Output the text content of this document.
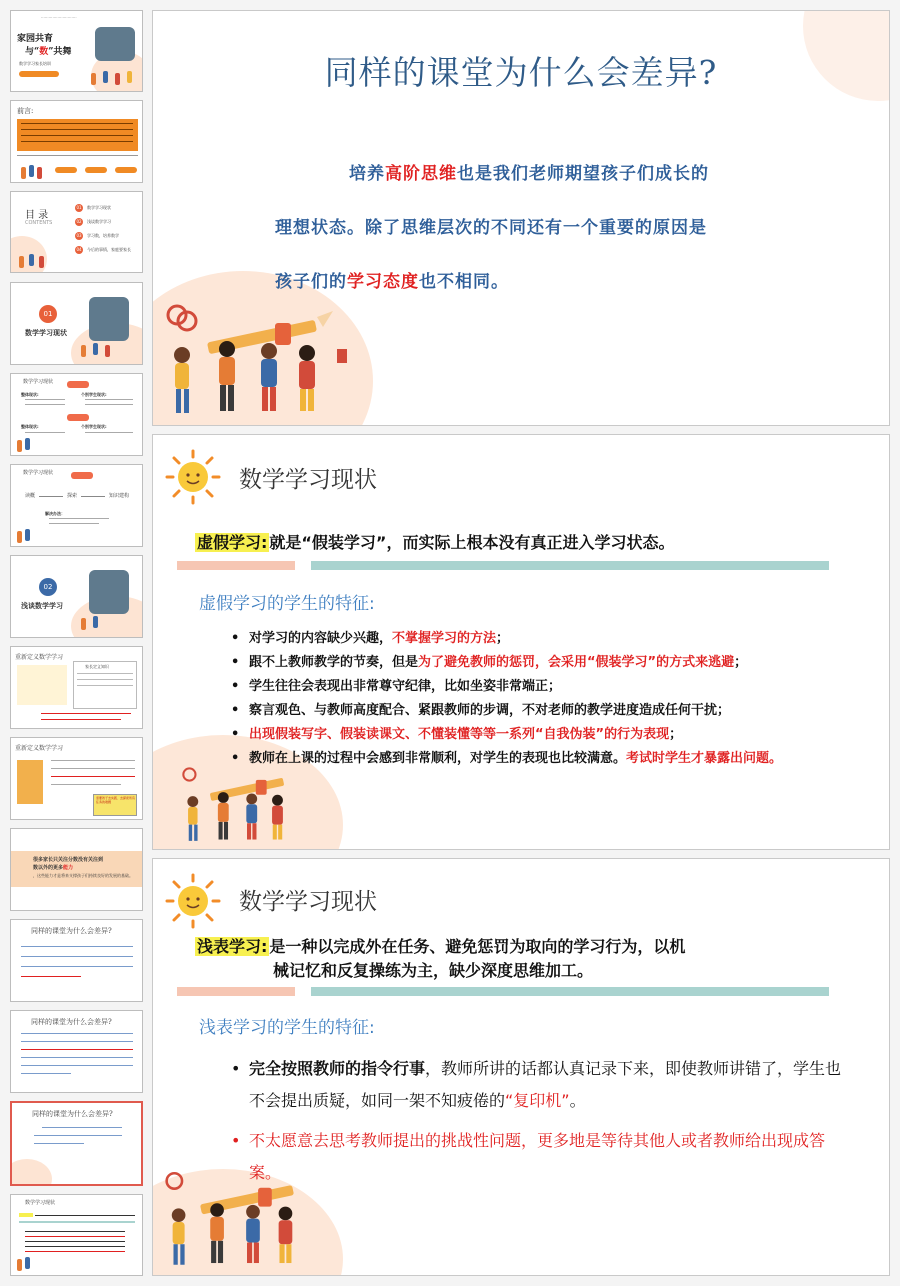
····························
家园共育
与“数”共舞
数学学习家长培训
家长课堂
前言:
目 录
CONTENTS
01	数学学习现状
02	浅谈数学学习
03	学习数，培养数学
04	今后的事情，家庭要家长
01
数学学习现状
数学学习现状
虚假现状
整体现状:	个别学生现状:
浅表现状
整体现状:	个别学生现状:
数学学习现状
折叠问题
读概	探索	知识建构
解决办法：
02
浅谈数学学习
重新定义数学学习
家长定义知识
重新定义数学学习
需要孩子去实践、去探索所有任务的难题
很多家长只关注分数没有关注到
数以外的更多能力
，这些能力才是将来支撑孩子们持续良好的发展的基础。
同样的课堂为什么会差异?
同样的课堂为什么会差异?
同样的课堂为什么会差异?
数学学习现状
同样的课堂为什么会差异?
培养高阶思维也是我们老师期望孩子们成长的
理想状态。除了思维层次的不同还有一个重要的原因是
孩子们的学习态度也不相同。
数学学习现状
虚假学习: 就是“假装学习”，而实际上根本没有真正进入学习状态。
虚假学习的学生的特征:
• 对学习的内容缺少兴趣，不掌握学习的方法；
• 跟不上教师教学的节奏，但是为了避免教师的惩罚，会采用“假装学习”的方式来逃避；
• 学生往往会表现出非常尊守纪律，比如坐姿非常端正；
• 察言观色、与教师高度配合、紧跟教师的步调，不对老师的教学进度造成任何干扰；
• 出现假装写字、假装读课文、不懂装懂等等一系列“自我伪装”的行为表现；
• 教师在上课的过程中会感到非常顺利，对学生的表现也比较满意。考试时学生才暴露出问题。
数学学习现状
浅表学习: 是一种以完成外在任务、避免惩罚为取向的学习行为，以机
械记忆和反复操练为主，缺少深度思维加工。
浅表学习的学生的特征:
• 完全按照教师的指令行事，教师所讲的话都认真记录下来，即使教师讲错了，学生也不会提出质疑，如同一架不知疲倦的“复印机”。
• 不太愿意去思考教师提出的挑战性问题，更多地是等待其他人或者教师给出现成答案。
